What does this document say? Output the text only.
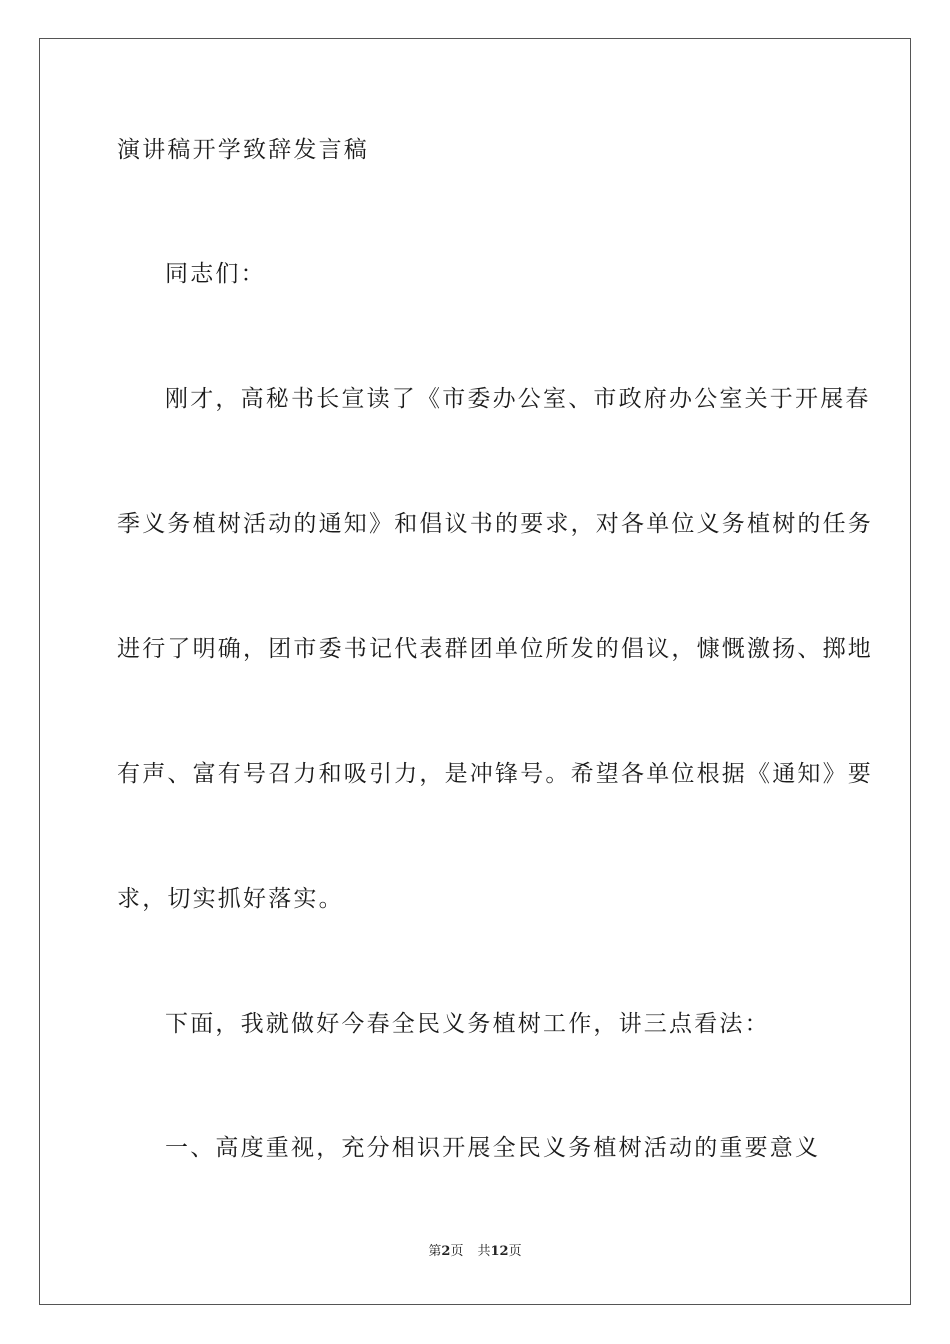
演讲稿开学致辞发言稿
同志们：
刚才，高秘书长宣读了《市委办公室、市政府办公室关于开展春
季义务植树活动的通知》和倡议书的要求，对各单位义务植树的任务
进行了明确，团市委书记代表群团单位所发的倡议，慷慨激扬、掷地
有声、富有号召力和吸引力，是冲锋号。希望各单位根据《通知》要
求，切实抓好落实。
下面，我就做好今春全民义务植树工作，讲三点看法：
一、高度重视，充分相识开展全民义务植树活动的重要意义
第2页 共12页
